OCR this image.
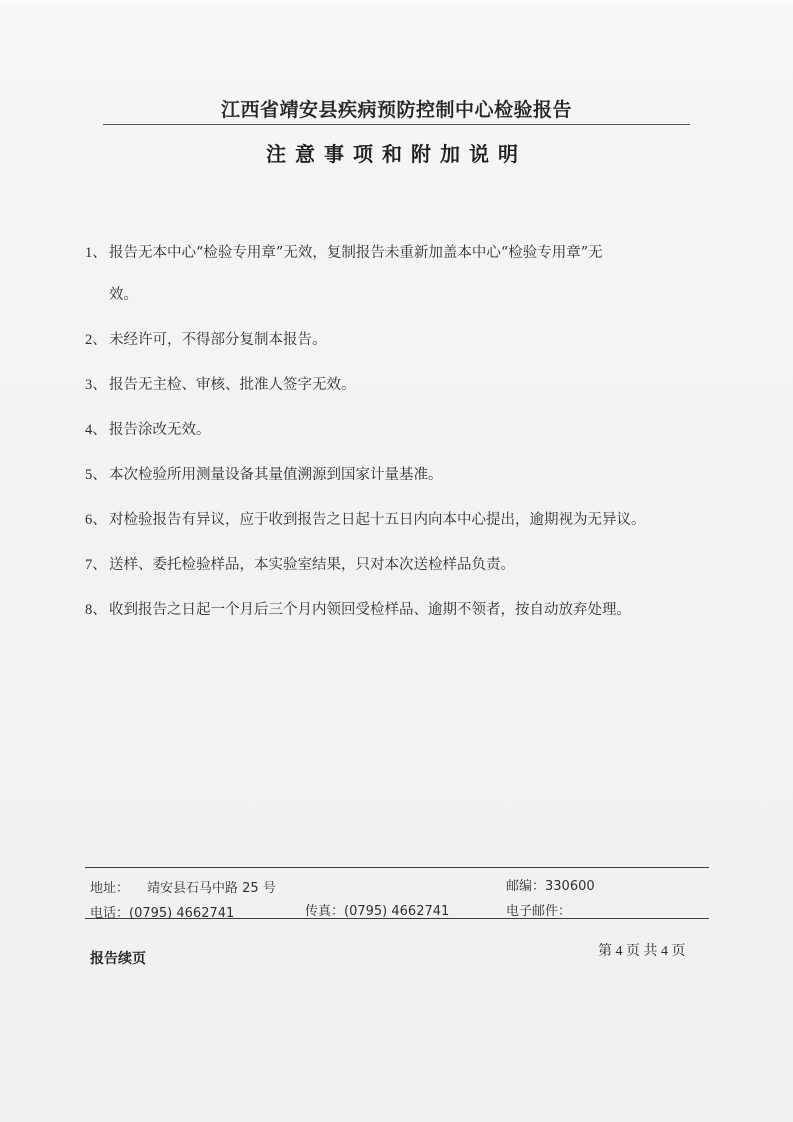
江西省靖安县疾病预防控制中心检验报告
注意事项和附加说明
1、 报告无本中心“检验专用章”无效，复制报告未重新加盖本中心“检验专用章”无
效。
2、 未经许可，不得部分复制本报告。
3、 报告无主检、审核、批准人签字无效。
4、 报告涂改无效。
5、 本次检验所用测量设备其量值溯源到国家计量基准。
6、 对检验报告有异议，应于收到报告之日起十五日内向本中心提出，逾期视为无异议。
7、 送样、委托检验样品，本实验室结果，只对本次送检样品负责。
8、 收到报告之日起一个月后三个月内领回受检样品、逾期不领者，按自动放弃处理。
地址： 靖安县石马中路 25 号	邮编：330600
电话：(0795) 4662741	传真：(0795) 4662741	电子邮件：
报告续页	第 4 页 共 4 页
